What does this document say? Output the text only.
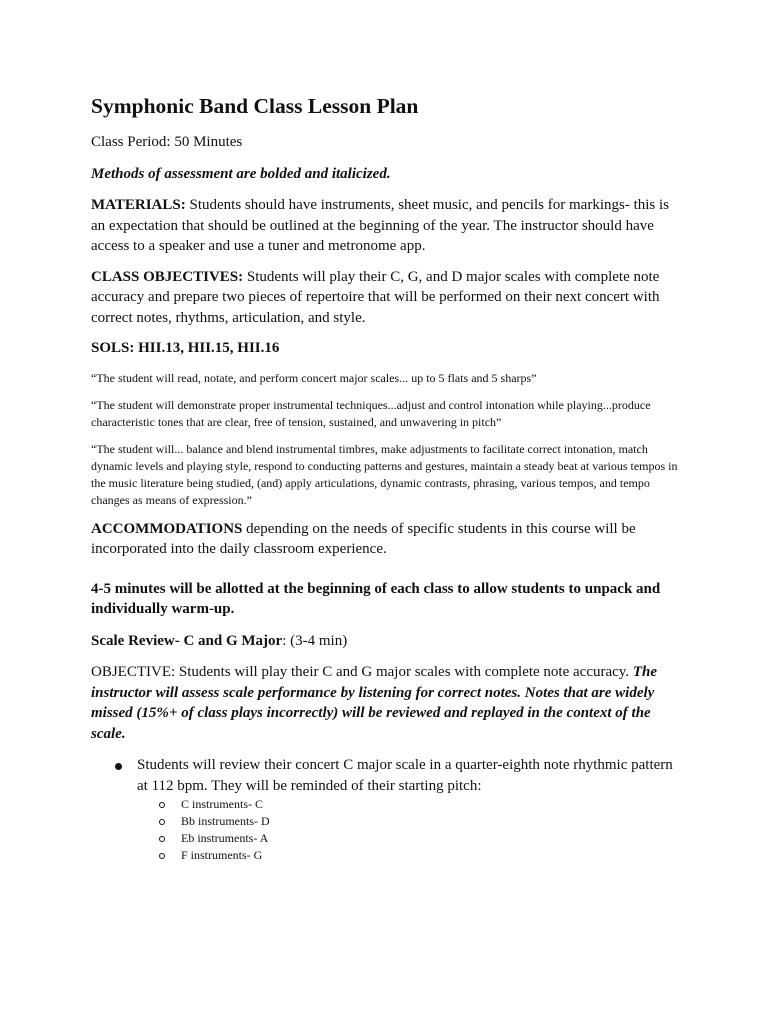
Symphonic Band Class Lesson Plan

Class Period: 50 Minutes

Methods of assessment are bolded and italicized.

MATERIALS: Students should have instruments, sheet music, and pencils for markings- this is an expectation that should be outlined at the beginning of the year. The instructor should have access to a speaker and use a tuner and metronome app.

CLASS OBJECTIVES: Students will play their C, G, and D major scales with complete note accuracy and prepare two pieces of repertoire that will be performed on their next concert with correct notes, rhythms, articulation, and style.

SOLS: HII.13, HII.15, HII.16

“The student will read, notate, and perform concert major scales... up to 5 flats and 5 sharps”

“The student will demonstrate proper instrumental techniques...adjust and control intonation while playing...produce characteristic tones that are clear, free of tension, sustained, and unwavering in pitch”

“The student will... balance and blend instrumental timbres, make adjustments to facilitate correct intonation, match dynamic levels and playing style, respond to conducting patterns and gestures, maintain a steady beat at various tempos in the music literature being studied, (and) apply articulations, dynamic contrasts, phrasing, various tempos, and tempo changes as means of expression.”

ACCOMMODATIONS depending on the needs of specific students in this course will be incorporated into the daily classroom experience.

4-5 minutes will be allotted at the beginning of each class to allow students to unpack and individually warm-up.

Scale Review- C and G Major: (3-4 min)

OBJECTIVE: Students will play their C and G major scales with complete note accuracy. The instructor will assess scale performance by listening for correct notes. Notes that are widely missed (15%+ of class plays incorrectly) will be reviewed and replayed in the context of the scale.

Students will review their concert C major scale in a quarter-eighth note rhythmic pattern at 112 bpm. They will be reminded of their starting pitch:
C instruments- C
Bb instruments- D
Eb instruments- A
F instruments- G
